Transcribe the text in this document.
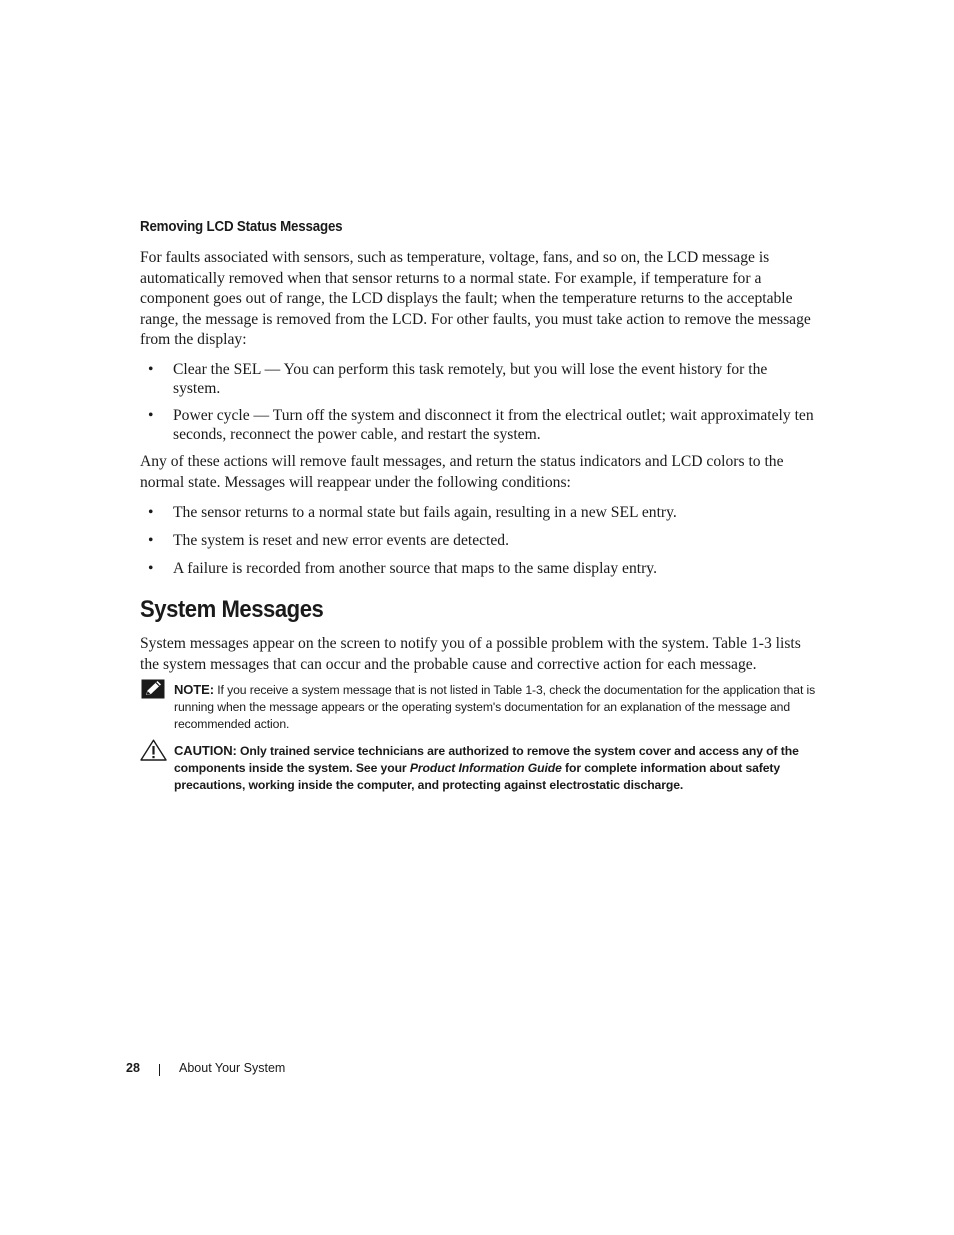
Removing LCD Status Messages
For faults associated with sensors, such as temperature, voltage, fans, and so on, the LCD message is automatically removed when that sensor returns to a normal state. For example, if temperature for a component goes out of range, the LCD displays the fault; when the temperature returns to the acceptable range, the message is removed from the LCD. For other faults, you must take action to remove the message from the display:
• Clear the SEL — You can perform this task remotely, but you will lose the event history for the system.
• Power cycle — Turn off the system and disconnect it from the electrical outlet; wait approximately ten seconds, reconnect the power cable, and restart the system.
Any of these actions will remove fault messages, and return the status indicators and LCD colors to the normal state. Messages will reappear under the following conditions:
• The sensor returns to a normal state but fails again, resulting in a new SEL entry.
• The system is reset and new error events are detected.
• A failure is recorded from another source that maps to the same display entry.
System Messages
System messages appear on the screen to notify you of a possible problem with the system. Table 1-3 lists the system messages that can occur and the probable cause and corrective action for each message.
NOTE: If you receive a system message that is not listed in Table 1-3, check the documentation for the application that is running when the message appears or the operating system's documentation for an explanation of the message and recommended action.
CAUTION: Only trained service technicians are authorized to remove the system cover and access any of the components inside the system. See your Product Information Guide for complete information about safety precautions, working inside the computer, and protecting against electrostatic discharge.
28	About Your System
